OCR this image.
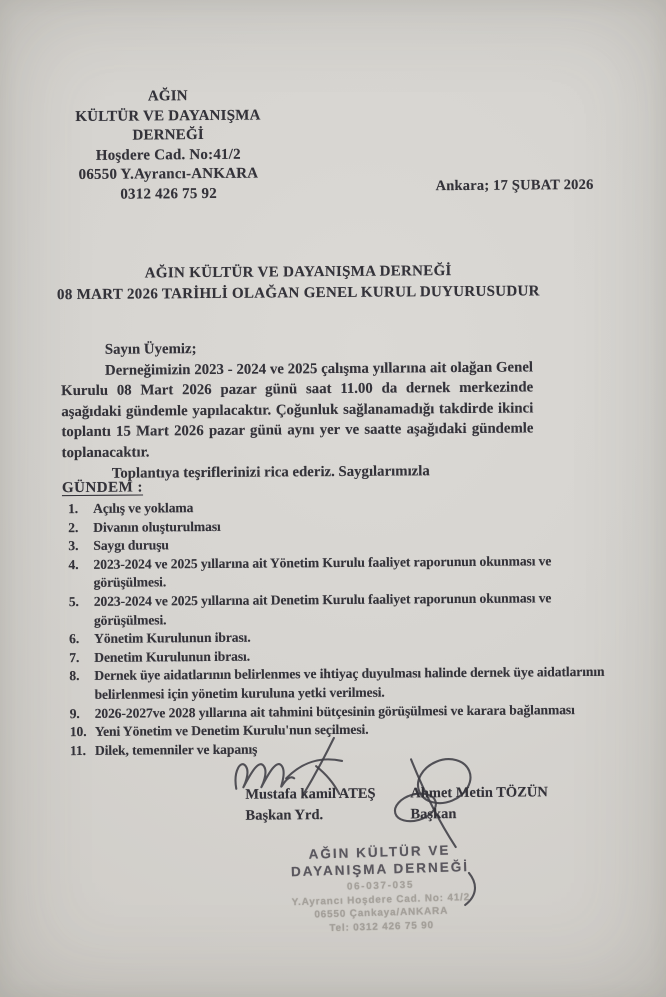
AĞIN
KÜLTÜR VE DAYANIŞMA
DERNEĞİ
Hoşdere Cad. No:41/2
06550 Y.Ayrancı-ANKARA
0312 426 75 92	Ankara; 17 ŞUBAT 2026
AĞIN KÜLTÜR VE DAYANIŞMA DERNEĞİ
08 MART 2026 TARİHLİ OLAĞAN GENEL KURUL DUYURUSUDUR

Sayın Üyemiz;

Derneğimizin 2023 - 2024 ve 2025 çalışma yıllarına ait olağan Genel Kurulu 08 Mart 2026 pazar günü saat 11.00 da dernek merkezinde aşağıdaki gündemle yapılacaktır. Çoğunluk sağlanamadığı takdirde ikinci toplantı 15 Mart 2026 pazar günü aynı yer ve saatte aşağıdaki gündemle toplanacaktır.

Toplantıya teşriflerinizi rica ederiz. Saygılarımızla

GÜNDEM :
1.	Açılış ve yoklama
2.	Divanın oluşturulması
3.	Saygı duruşu
4.	2023-2024 ve 2025 yıllarına ait Yönetim Kurulu faaliyet raporunun okunması ve
görüşülmesi.
5.	2023-2024 ve 2025 yıllarına ait Denetim Kurulu faaliyet raporunun okunması ve
görüşülmesi.
6.	Yönetim Kurulunun ibrası.
7.	Denetim Kurulunun ibrası.
8.	Dernek üye aidatlarının belirlenmes ve ihtiyaç duyulması halinde dernek üye aidatlarının
belirlenmesi için yönetim kuruluna yetki verilmesi.
9.	2026-2027ve 2028 yıllarına ait tahmini bütçesinin görüşülmesi ve karara bağlanması
10. Yeni Yönetim ve Denetim Kurulu'nun seçilmesi.
11. Dilek, temenniler ve kapanış
Mustafa kamil ATEŞ
Başkan Yrd.
Ahmet Metin TÖZÜN
Başkan
AĞIN KÜLTÜR VE
DAYANIŞMA DERNEĞİ
06-037-035
Y.Ayrancı Hoşdere Cad. No: 41/2
06550 Çankaya/ANKARA
Tel: 0312 426 75 90
